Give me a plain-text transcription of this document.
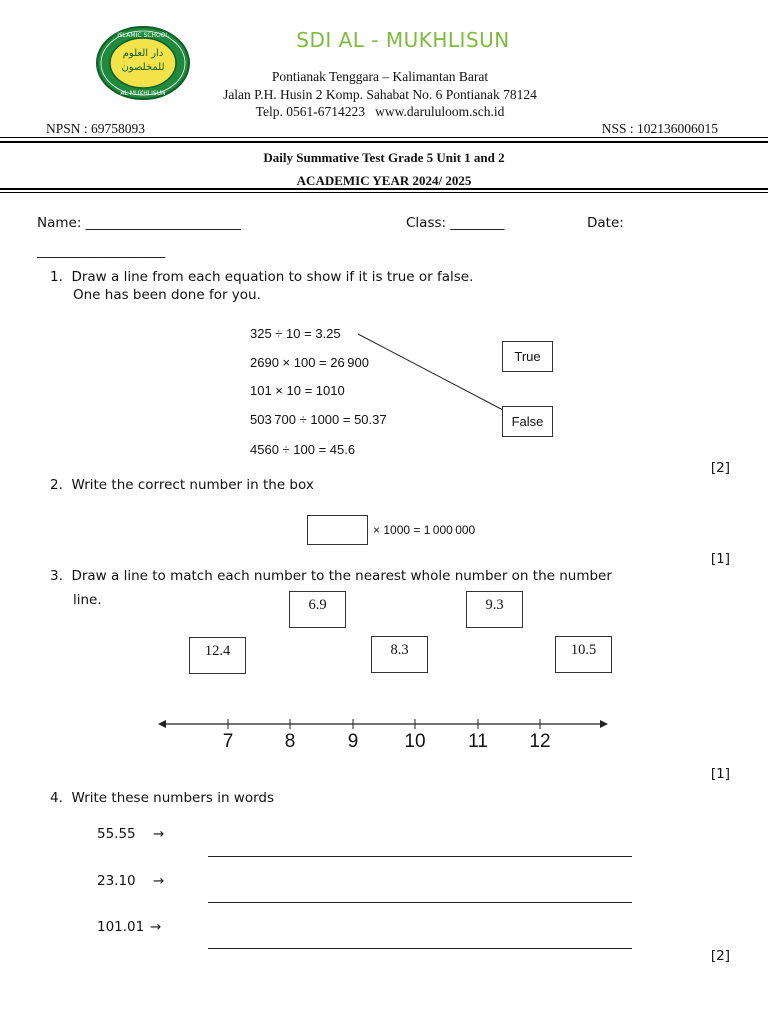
ISLAMIC SCHOOL
AL MUKHLISUN
دار العلوم للمخلصون
SDI AL - MUKHLISUN
Pontianak Tenggara – Kalimantan Barat
Jalan P.H. Husin 2 Komp. Sahabat No. 6 Pontianak 78124
Telp. 0561-6714223   www.darululoom.sch.id
NPSN : 69758093	NSS : 102136006015
Daily Summative Test Grade 5 Unit 1 and 2
ACADEMIC YEAR 2024/ 2025
Name: _______________________	Class: ________	Date:
___________________
1.  Draw a line from each equation to show if it is true or false.
One has been done for you.
325 ÷ 10 = 3.25
2690 × 100 = 26 900
101 × 10 = 1010
503 700 ÷ 1000 = 50.37
4560 ÷ 100 = 45.6
True
False
[2]
2.  Write the correct number in the box
× 1000 = 1 000 000
[1]
3.  Draw a line to match each number to the nearest whole number on the number
line.	6.9	9.3
12.4	8.3	10.5
7	8	9	10	11	12
[1]
4.  Write these numbers in words
55.55 →
23.10 →
101.01 →
[2]
